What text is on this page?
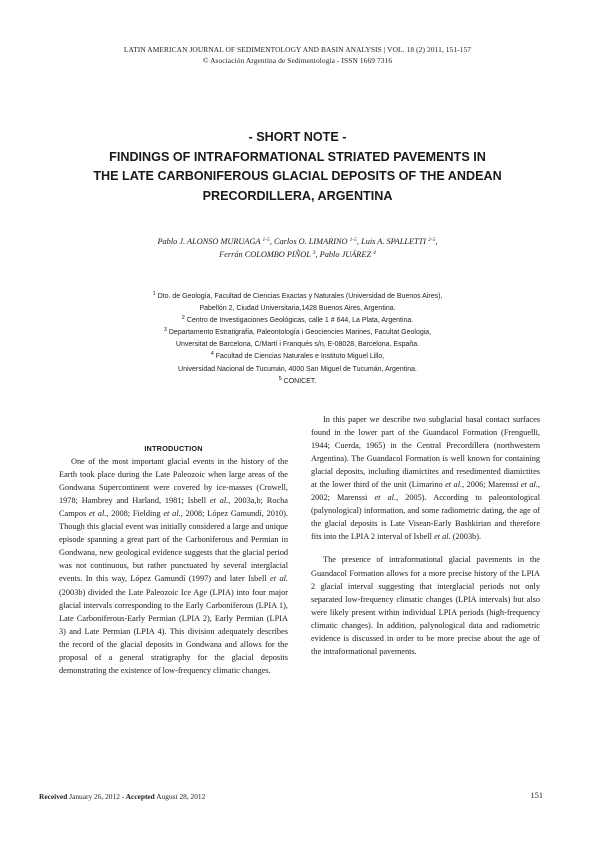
LATIN AMERICAN JOURNAL OF SEDIMENTOLOGY AND BASIN ANALYSIS | VOL. 18 (2) 2011, 151-157
© Asociación Argentina de Sedimentología - ISSN 1669 7316
- SHORT NOTE -
FINDINGS OF INTRAFORMATIONAL STRIATED PAVEMENTS IN
THE LATE CARBONIFEROUS GLACIAL DEPOSITS OF THE ANDEAN
PRECORDILLERA, ARGENTINA
Pablo J. ALONSO MURUAGA $^{1-5}$, Carlos O. LIMARINO $^{1-5}$, Luis A. SPALLETTI $^{2-5}$,
Ferrán COLOMBO PIÑOL $^3$, Pablo JUÁREZ $^4$
$^1$ Dto. de Geología, Facultad de Ciencias Exactas y Naturales (Universidad de Buenos Aires),
Pabellón 2, Ciudad Universitaria,1428 Buenos Aires, Argentina.
$^2$ Centro de Investigaciones Geológicas, calle 1 # 644, La Plata, Argentina.
$^3$ Departamento Estratigrafía, Paleontología i Geociencies Marines, Facultat Geologia,
Unversitat de Barcelona, C/Martí i Franqués s/n, E-08028, Barcelona, España.
$^4$ Facultad de Ciencias Naturales e Instituto Miguel Lillo,
Universidad Nacional de Tucumán, 4000 San Miguel de Tucumán, Argentina.
$^5$ CONICET.

INTRODUCTION

One of the most important glacial events in the history of the Earth took place during the Late Paleozoic when large areas of the Gondwana Supercontinent were covered by ice-masses (Crowell, 1978; Hambrey and Harland, 1981; Isbell et al., 2003a,b; Rocha Campos et al., 2008; Fielding et al., 2008; López Gamundí, 2010). Though this glacial event was initially considered a large and unique episode spanning a great part of the Carboniferous and Permian in Gondwana, new geological evidence suggests that the glacial period was not continuous, but rather punctuated by several interglacial events. In this way, López Gamundí (1997) and later Isbell et al. (2003b) divided the Late Paleozoic Ice Age (LPIA) into four major glacial intervals corresponding to the Early Carboniferous (LPIA 1), Late Carboniferous-Early Permian (LPIA 2), Early Permian (LPIA 3) and Late Permian (LPIA 4). This division adequately describes the record of the glacial deposits in Gondwana and allows for the proposal of a general stratigraphy for the glacial deposits demonstrating the existence of low-frequency climatic changes.

In this paper we describe two subglacial basal contact surfaces found in the lower part of the Guandacol Formation (Frenguelli, 1944; Cuerda, 1965) in the Central Precordillera (northwestern Argentina). The Guandacol Formation is well known for containing glacial deposits, including diamictites and resedimented diamictites at the lower third of the unit (Limarino et al., 2006; Marenssi et al., 2002; Marenssi et al., 2005). According to paleontological (palynological) information, and some radiometric dating, the age of the glacial deposits is Late Visean-Early Bashkirian and therefore fits into the LPIA 2 interval of Isbell et al. (2003b).

The presence of intraformational glacial pavements in the Guandacol Formation allows for a more precise history of the LPIA 2 glacial interval suggesting that interglacial periods not only separated low-frequency climatic changes (LPIA intervals) but also were likely present within individual LPIA periods (high-frequency climatic changes). In addition, palynological data and radiometric evidence is discussed in order to be more precise about the age of the intraformational pavements.

Received January 26, 2012 - Accepted August 28, 2012	151
